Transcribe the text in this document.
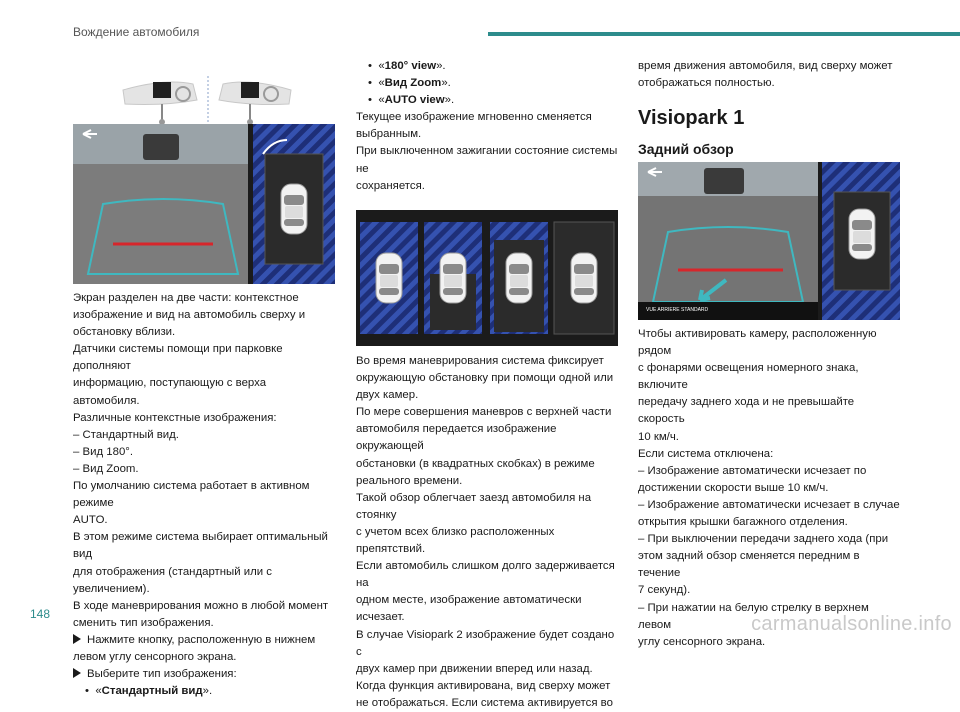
Вождение автомобиля

Экран разделен на две части: контекстное

изображение и вид на автомобиль сверху и

обстановку вблизи.

Датчики системы помощи при парковке дополняют

информацию, поступающую с верха автомобиля.

Различные контекстные изображения:

– Стандартный вид.

– Вид 180°.

– Вид Zoom.

По умолчанию система работает в активном режиме

AUTO.

В этом режиме система выбирает оптимальный вид

для отображения (стандартный или с увеличением).

В ходе маневрирования можно в любой момент

сменить тип изображения.

Нажмите кнопку, расположенную в нижнем

левом углу сенсорного экрана.

Выберите тип изображения:

•  «Стандартный вид».

•  «180° view».

•  «Вид Zoom».

•  «AUTO view».

Текущее изображение мгновенно сменяется

выбранным.

При выключенном зажигании состояние системы не

сохраняется.

Во время маневрирования система фиксирует

окружающую обстановку при помощи одной или

двух камер.

По мере совершения маневров с верхней части

автомобиля передается изображение окружающей

обстановки (в квадратных скобках) в режиме

реального времени.

Такой обзор облегчает заезд автомобиля на стоянку

с учетом всех близко расположенных препятствий.

Если автомобиль слишком долго задерживается на

одном месте, изображение автоматически исчезает.

В случае Visiopark 2 изображение будет создано с

двух камер при движении вперед или назад.

Когда функция активирована, вид сверху может

не отображаться. Если система активируется во

время движения автомобиля, вид сверху может

отображаться полностью.

Visiopark 1
Задний обзор
VUE ARRIERE STANDARD

Чтобы активировать камеру, расположенную рядом

с фонарями освещения номерного знака, включите

передачу заднего хода и не превышайте скорость

10 км/ч.

Если система отключена:

– Изображение автоматически исчезает по

достижении скорости выше 10 км/ч.

– Изображение автоматически исчезает в случае

открытия крышки багажного отделения.

– При выключении передачи заднего хода (при

этом задний обзор сменяется передним в течение

7 секунд).

– При нажатии на белую стрелку в верхнем левом

углу сенсорного экрана.

148	carmanualsonline.info
